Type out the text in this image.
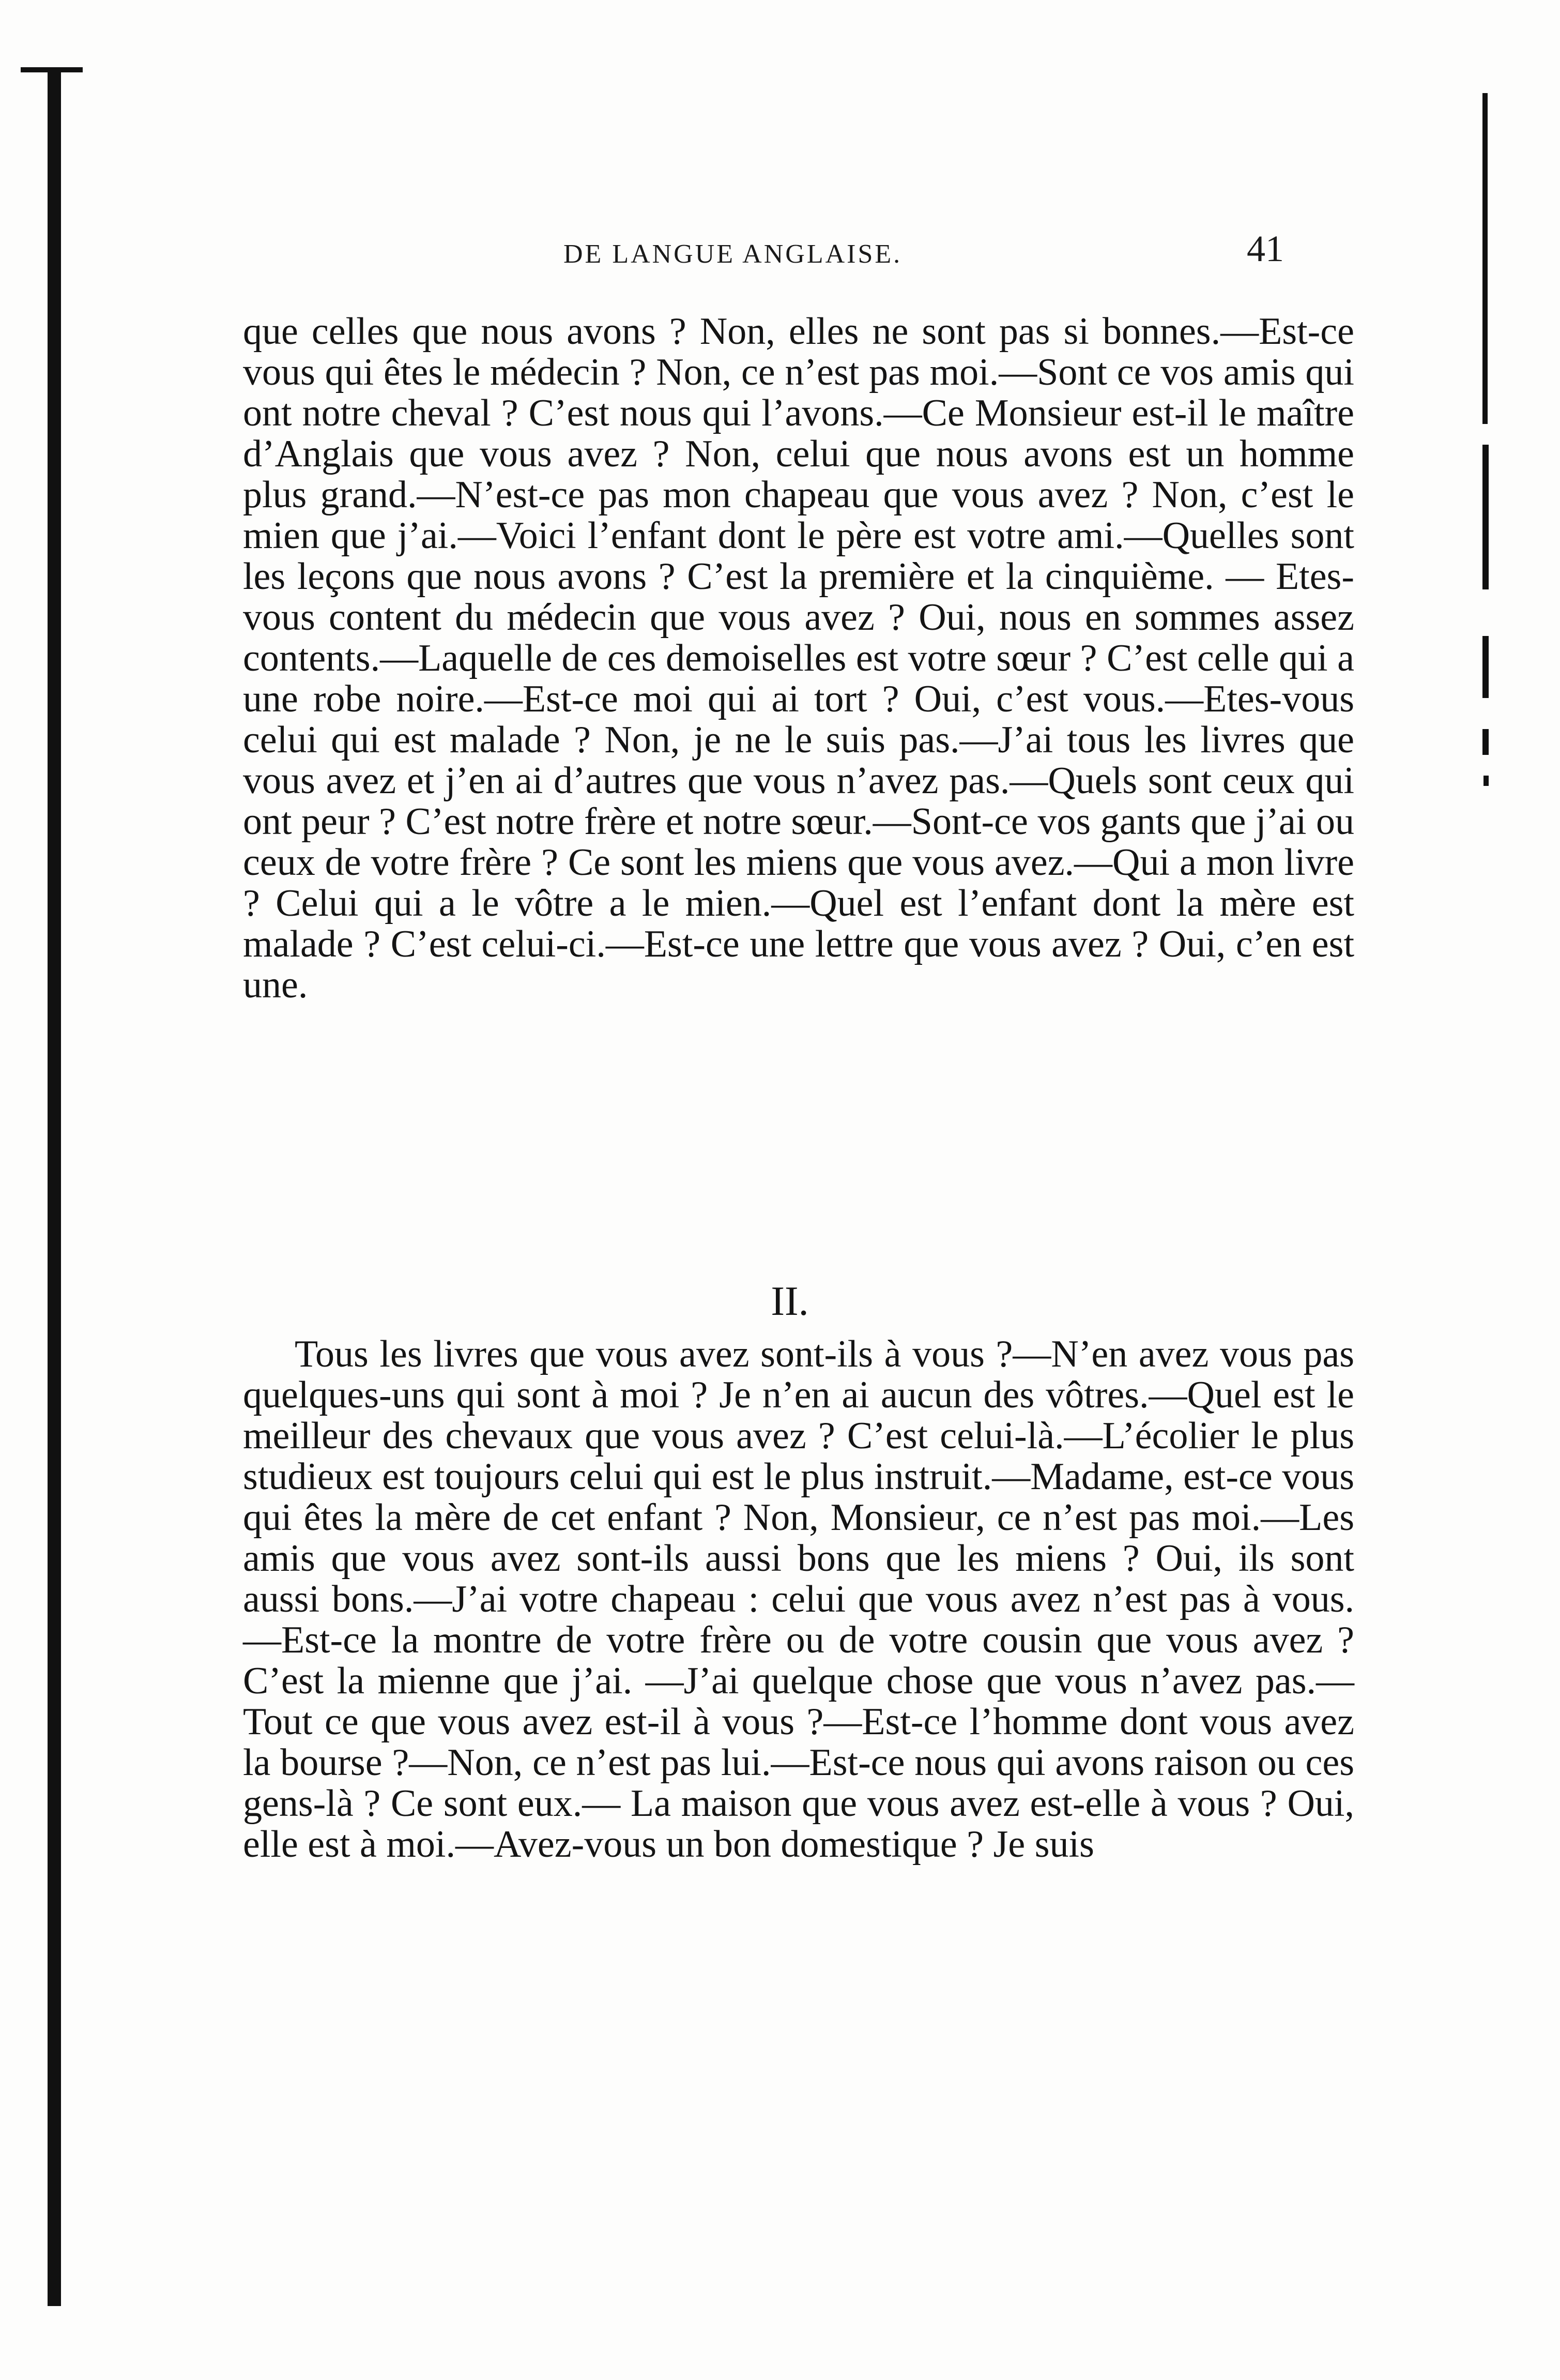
DE LANGUE ANGLAISE.	41
que celles que nous avons ? Non, elles ne sont pas si bonnes.—Est-ce vous qui êtes le médecin ? Non, ce n’est pas moi.—Sont ce vos amis qui ont notre cheval ? C’est nous qui l’avons.—Ce Monsieur est-il le maître d’Anglais que vous avez ? Non, celui que nous avons est un homme plus grand.—N’est-ce pas mon chapeau que vous avez ? Non, c’est le mien que j’ai.—Voici l’enfant dont le père est votre ami.—Quelles sont les leçons que nous avons ? C’est la première et la cinquième. — Etes-vous content du médecin que vous avez ? Oui, nous en sommes assez contents.—Laquelle de ces demoiselles est votre sœur ? C’est celle qui a une robe noire.—Est-ce moi qui ai tort ? Oui, c’est vous.—Etes-vous celui qui est malade ? Non, je ne le suis pas.—J’ai tous les livres que vous avez et j’en ai d’autres que vous n’avez pas.—Quels sont ceux qui ont peur ? C’est notre frère et notre sœur.—Sont-ce vos gants que j’ai ou ceux de votre frère ? Ce sont les miens que vous avez.—Qui a mon livre ? Celui qui a le vôtre a le mien.—Quel est l’enfant dont la mère est malade ? C’est celui-ci.—Est-ce une lettre que vous avez ? Oui, c’en est une.
II.
Tous les livres que vous avez sont-ils à vous ?—N’en avez vous pas quelques-uns qui sont à moi ? Je n’en ai aucun des vôtres.—Quel est le meilleur des chevaux que vous avez ? C’est celui-là.—L’écolier le plus studieux est toujours celui qui est le plus instruit.—Madame, est-ce vous qui êtes la mère de cet enfant ? Non, Monsieur, ce n’est pas moi.—Les amis que vous avez sont-ils aussi bons que les miens ? Oui, ils sont aussi bons.—J’ai votre chapeau : celui que vous avez n’est pas à vous.—Est-ce la montre de votre frère ou de votre cousin que vous avez ? C’est la mienne que j’ai. —J’ai quelque chose que vous n’avez pas.—Tout ce que vous avez est-il à vous ?—Est-ce l’homme dont vous avez la bourse ?—Non, ce n’est pas lui.—Est-ce nous qui avons raison ou ces gens-là ? Ce sont eux.— La maison que vous avez est-elle à vous ? Oui, elle est à moi.—Avez-vous un bon domestique ? Je suis
